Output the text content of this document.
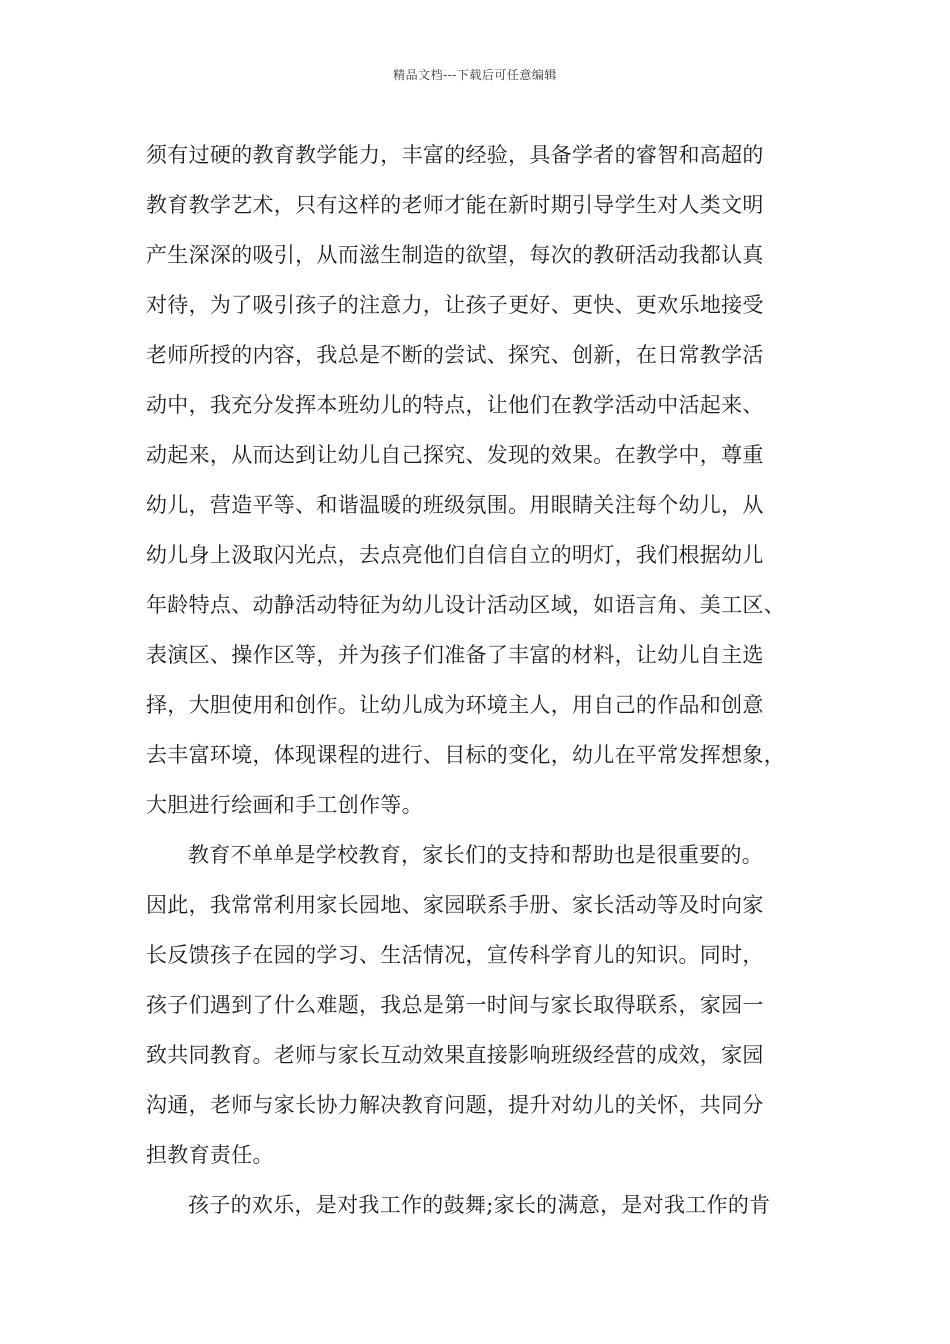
精品文档---下载后可任意编辑
须有过硬的教育教学能力，丰富的经验，具备学者的睿智和高超的
教育教学艺术，只有这样的老师才能在新时期引导学生对人类文明
产生深深的吸引，从而滋生制造的欲望，每次的教研活动我都认真
对待，为了吸引孩子的注意力，让孩子更好、更快、更欢乐地接受
老师所授的内容，我总是不断的尝试、探究、创新，在日常教学活
动中，我充分发挥本班幼儿的特点，让他们在教学活动中活起来、
动起来，从而达到让幼儿自己探究、发现的效果。在教学中，尊重
幼儿，营造平等、和谐温暖的班级氛围。用眼睛关注每个幼儿，从
幼儿身上汲取闪光点，去点亮他们自信自立的明灯，我们根据幼儿
年龄特点、动静活动特征为幼儿设计活动区域，如语言角、美工区、
表演区、操作区等，并为孩子们准备了丰富的材料，让幼儿自主选
择，大胆使用和创作。让幼儿成为环境主人，用自己的作品和创意
去丰富环境，体现课程的进行、目标的变化，幼儿在平常发挥想象，
大胆进行绘画和手工创作等。
教育不单单是学校教育，家长们的支持和帮助也是很重要的。
因此，我常常利用家长园地、家园联系手册、家长活动等及时向家
长反馈孩子在园的学习、生活情况，宣传科学育儿的知识。同时，
孩子们遇到了什么难题，我总是第一时间与家长取得联系，家园一
致共同教育。老师与家长互动效果直接影响班级经营的成效，家园
沟通，老师与家长协力解决教育问题，提升对幼儿的关怀，共同分
担教育责任。
孩子的欢乐，是对我工作的鼓舞;家长的满意，是对我工作的肯
